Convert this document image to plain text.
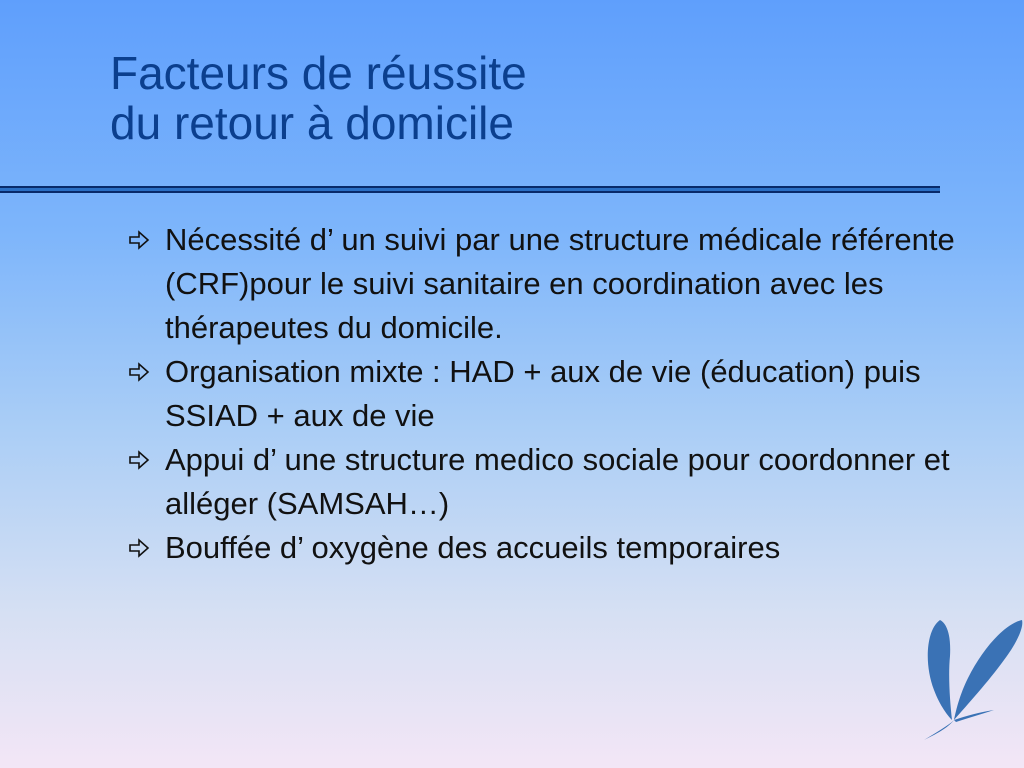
Facteurs de réussite
du retour à domicile
Nécessité d’ un suivi par une structure médicale référente (CRF)pour le suivi sanitaire en coordination avec les thérapeutes du domicile.
Organisation mixte : HAD + aux de vie (éducation) puis SSIAD + aux de vie
Appui d’ une structure medico sociale pour coordonner et alléger (SAMSAH…)
Bouffée d’ oxygène des accueils temporaires
